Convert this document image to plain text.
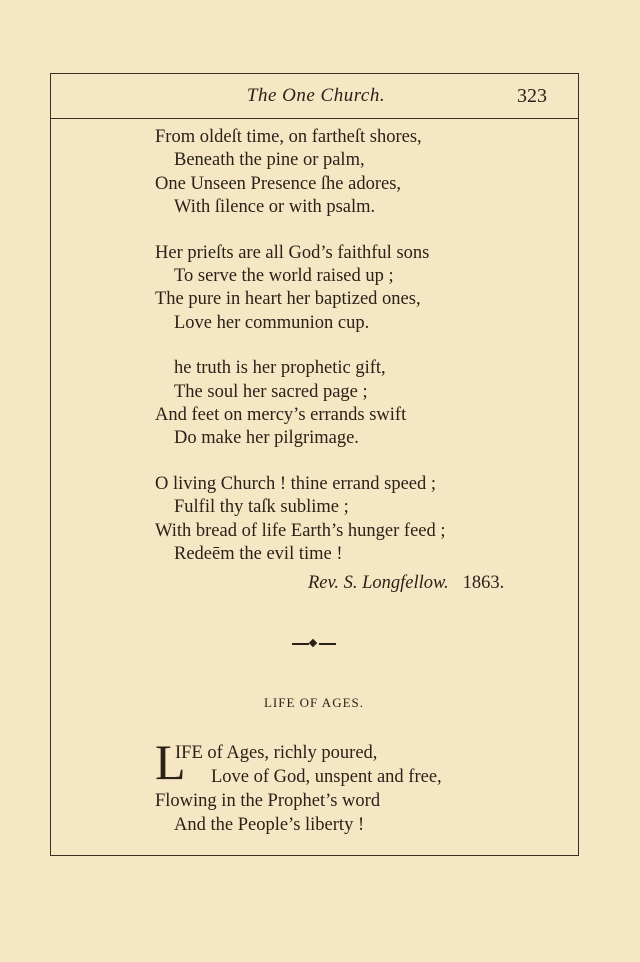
The One Church.	323
From oldeſt time, on fartheſt shores,
Beneath the pine or palm,
One Unseen Presence ſhe adores,
With ſilence or with psalm.
Her prieſts are all God’s faithful sons
To serve the world raised up ;
The pure in heart her baptized ones,
Love her communion cup.
he truth is her prophetic gift,
The soul her sacred page ;
And feet on mercy’s errands swift
Do make her pilgrimage.
O living Church ! thine errand speed ;
Fulfil thy taſk sublime ;
With bread of life Earth’s hunger feed ;
Redeēm the evil time !
Rev. S. Longfellow. 1863.
LIFE OF AGES.
L
IFE of Ages, richly poured,
Love of God, unspent and free,
Flowing in the Prophet’s word
And the People’s liberty !
